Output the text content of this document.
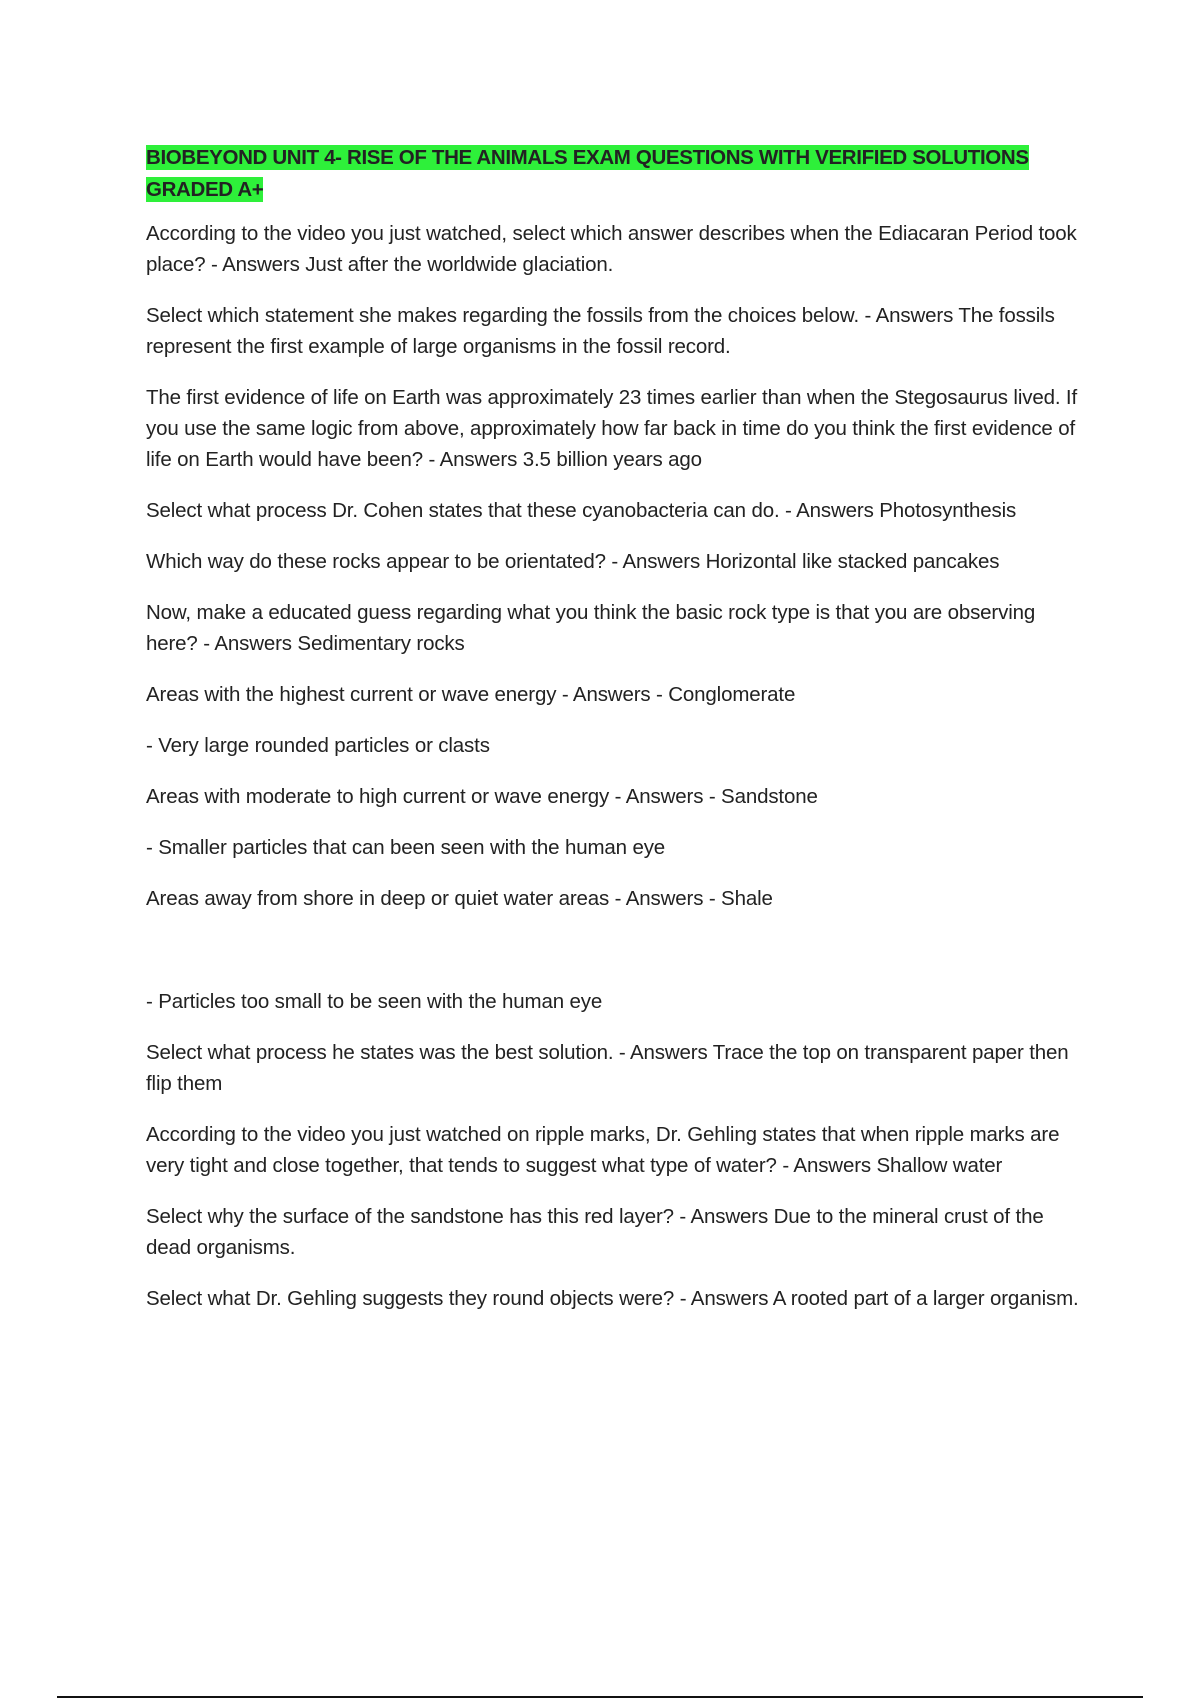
BIOBEYOND UNIT 4- RISE OF THE ANIMALS EXAM QUESTIONS WITH VERIFIED SOLUTIONS GRADED A+

According to the video you just watched, select which answer describes when the Ediacaran Period took place? - Answers Just after the worldwide glaciation.

Select which statement she makes regarding the fossils from the choices below. - Answers The fossils represent the first example of large organisms in the fossil record.

The first evidence of life on Earth was approximately 23 times earlier than when the Stegosaurus lived. If you use the same logic from above, approximately how far back in time do you think the first evidence of life on Earth would have been? - Answers 3.5 billion years ago

Select what process Dr. Cohen states that these cyanobacteria can do. - Answers Photosynthesis

Which way do these rocks appear to be orientated? - Answers Horizontal like stacked pancakes

Now, make a educated guess regarding what you think the basic rock type is that you are observing here? - Answers Sedimentary rocks

Areas with the highest current or wave energy - Answers - Conglomerate

- Very large rounded particles or clasts

Areas with moderate to high current or wave energy - Answers - Sandstone

- Smaller particles that can been seen with the human eye

Areas away from shore in deep or quiet water areas - Answers - Shale

- Particles too small to be seen with the human eye

Select what process he states was the best solution. - Answers Trace the top on transparent paper then flip them

According to the video you just watched on ripple marks, Dr. Gehling states that when ripple marks are very tight and close together, that tends to suggest what type of water? - Answers Shallow water

Select why the surface of the sandstone has this red layer? - Answers Due to the mineral crust of the dead organisms.

Select what Dr. Gehling suggests they round objects were? - Answers A rooted part of a larger organism.
